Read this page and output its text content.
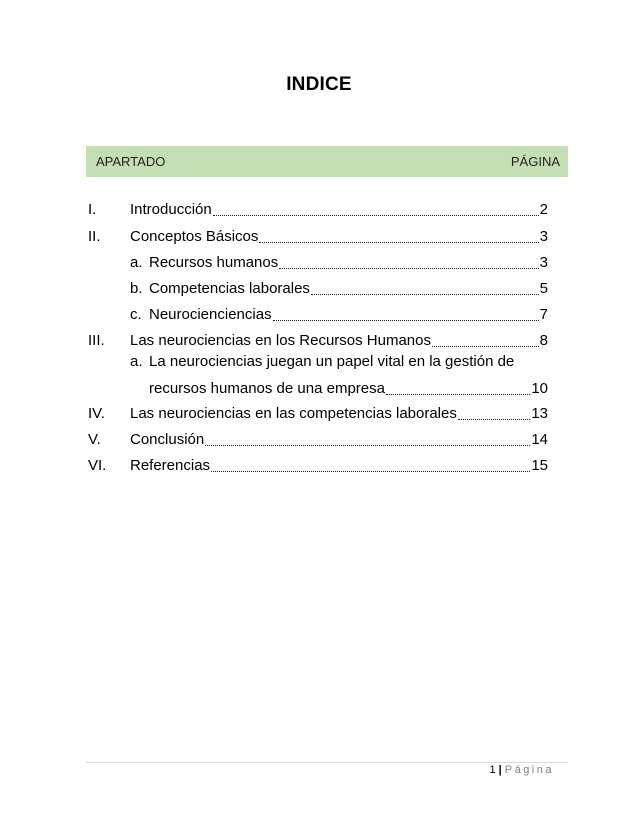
INDICE
APARTADO	PÁGINA
I. Introducción	2
II. Conceptos Básicos	3
a. Recursos humanos	3
b. Competencias laborales	5
c. Neurocienciencias	7
III. Las neurociencias en los Recursos Humanos	8
a. La neurociencias juegan un papel vital en la gestión de
recursos humanos de una empresa	10
IV. Las neurociencias en las competencias laborales	13
V. Conclusión	14
VI. Referencias	15
1 | Página
